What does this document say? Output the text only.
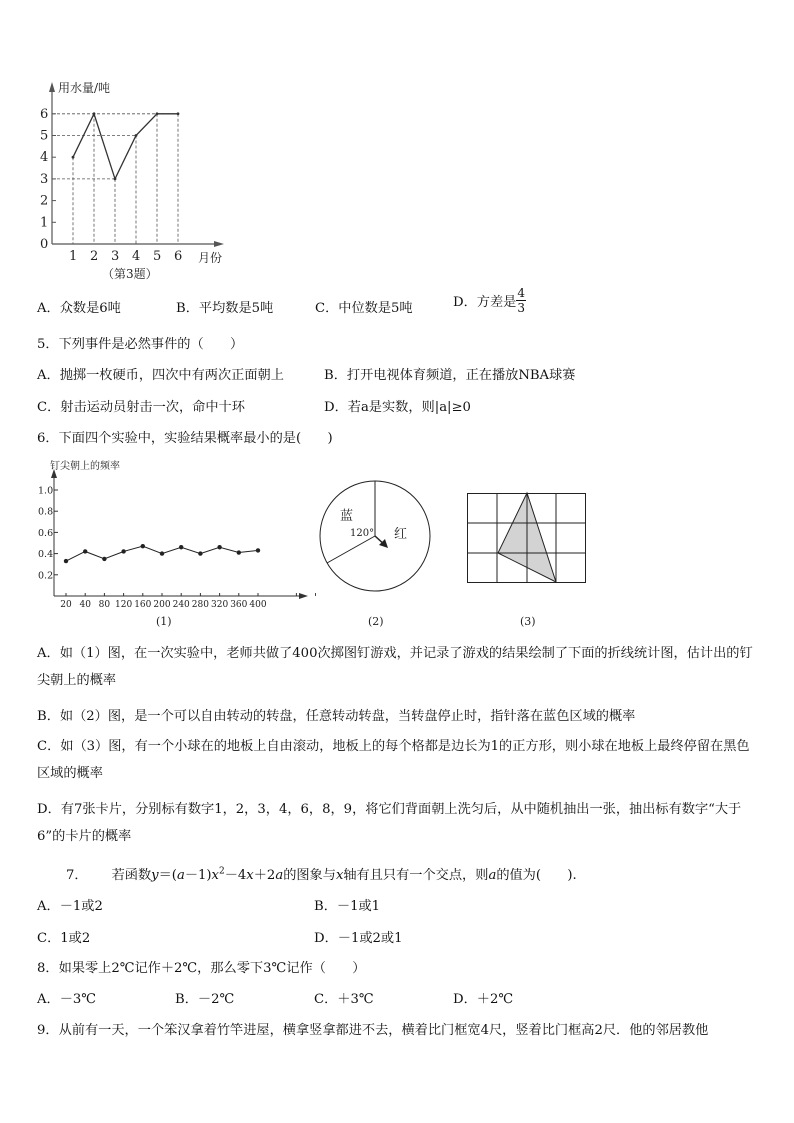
0
1
2
3
4
5
6
1 2 3 4 5 6
用水量/吨
月份
（第3题）
A．众数是6吨	B．平均数是5吨	C．中位数是5吨	D．方差是 $\frac{4}{3}$
5．下列事件是必然事件的（　　）
A．抛掷一枚硬币，四次中有两次正面朝上	B．打开电视体育频道，正在播放NBA球赛
C．射击运动员射击一次，命中十环	D．若a是实数，则|a|≥0
6．下面四个实验中，实验结果概率最小的是(　　)
0.2
0.4
0.6
0.8
1.0
20 40 80 120 160 200 240 280 320 360 400
钉尖朝上的频率
(1)
蓝
120° 红
(2)	(3)
A．如（1）图，在一次实验中，老师共做了400次掷图钉游戏，并记录了游戏的结果绘制了下面的折线统计图，估计出的钉尖朝上的概率
B．如（2）图，是一个可以自由转动的转盘，任意转动转盘，当转盘停止时，指针落在蓝色区域的概率
C．如（3）图，有一个小球在的地板上自由滚动，地板上的每个格都是边长为1的正方形，则小球在地板上最终停留在黑色区域的概率
D．有7张卡片，分别标有数字1，2，3，4，6，8，9，将它们背面朝上洗匀后，从中随机抽出一张，抽出标有数字“大于6”的卡片的概率
7． 若函数$y=(a-1)x^2-4x+2a$的图象与x轴有且只有一个交点，则a的值为(　　).
A．－1或2	B．－1或1
C．1或2	D．－1或2或1
8．如果零上2℃记作＋2℃，那么零下3℃记作（　　）
A．－3℃	B．－2℃	C．＋3℃	D．＋2℃
9．从前有一天，一个笨汉拿着竹竿进屋，横拿竖拿都进不去，横着比门框宽4尺，竖着比门框高2尺．他的邻居教他
